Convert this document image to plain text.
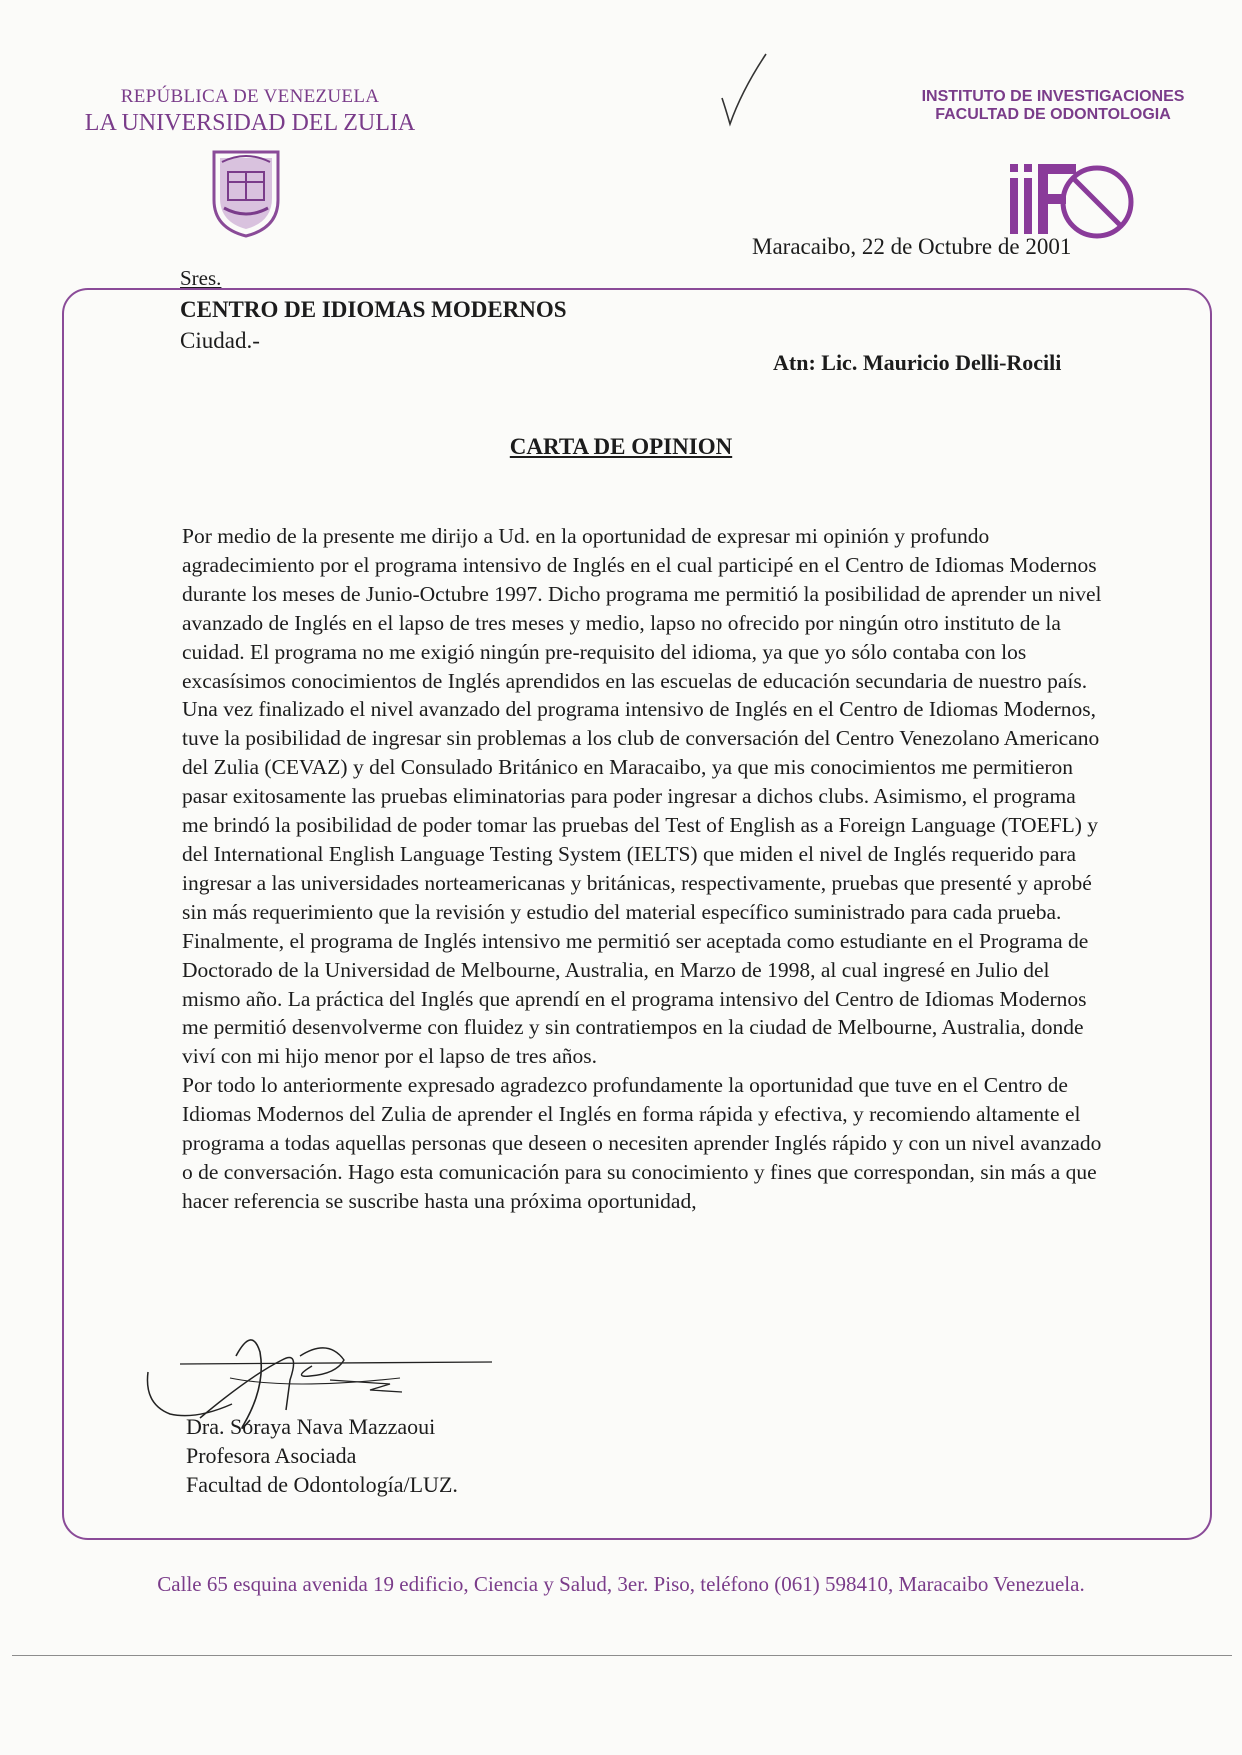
REPÚBLICA DE VENEZUELA
LA UNIVERSIDAD DEL ZULIA
INSTITUTO DE INVESTIGACIONES
FACULTAD DE ODONTOLOGIA
Maracaibo, 22 de Octubre de 2001
Sres.
CENTRO DE IDIOMAS MODERNOS
Ciudad.-
Atn: Lic. Mauricio Delli-Rocili
CARTA DE OPINION

Por medio de la presente me dirijo a Ud. en la oportunidad de expresar mi opinión y profundo agradecimiento por el programa intensivo de Inglés en el cual participé en el Centro de Idiomas Modernos durante los meses de Junio-Octubre 1997. Dicho programa me permitió la posibilidad de aprender un nivel avanzado de Inglés en el lapso de tres meses y medio, lapso no ofrecido por ningún otro instituto de la cuidad. El programa no me exigió ningún pre-requisito del idioma, ya que yo sólo contaba con los excasísimos conocimientos de Inglés aprendidos en las escuelas de educación secundaria de nuestro país. Una vez finalizado el nivel avanzado del programa intensivo de Inglés en el Centro de Idiomas Modernos, tuve la posibilidad de ingresar sin problemas a los club de conversación del Centro Venezolano Americano del Zulia (CEVAZ) y del Consulado Británico en Maracaibo, ya que mis conocimientos me permitieron pasar exitosamente las pruebas eliminatorias para poder ingresar a dichos clubs. Asimismo, el programa me brindó la posibilidad de poder tomar las pruebas del Test of English as a Foreign Language (TOEFL) y del International English Language Testing System (IELTS) que miden el nivel de Inglés requerido para ingresar a las universidades norteamericanas y británicas, respectivamente, pruebas que presenté y aprobé sin más requerimiento que la revisión y estudio del material específico suministrado para cada prueba. Finalmente, el programa de Inglés intensivo me permitió ser aceptada como estudiante en el Programa de Doctorado de la Universidad de Melbourne, Australia, en Marzo de 1998, al cual ingresé en Julio del mismo año. La práctica del Inglés que aprendí en el programa intensivo del Centro de Idiomas Modernos me permitió desenvolverme con fluidez y sin contratiempos en la ciudad de Melbourne, Australia, donde viví con mi hijo menor por el lapso de tres años.

Por todo lo anteriormente expresado agradezco profundamente la oportunidad que tuve en el Centro de Idiomas Modernos del Zulia de aprender el Inglés en forma rápida y efectiva, y recomiendo altamente el programa a todas aquellas personas que deseen o necesiten aprender Inglés rápido y con un nivel avanzado o de conversación. Hago esta comunicación para su conocimiento y fines que correspondan, sin más a que hacer referencia se suscribe hasta una próxima oportunidad,

Dra. Soraya Nava Mazzaoui
Profesora Asociada
Facultad de Odontología/LUZ.
Calle 65 esquina avenida 19 edificio, Ciencia y Salud, 3er. Piso, teléfono (061) 598410, Maracaibo Venezuela.
